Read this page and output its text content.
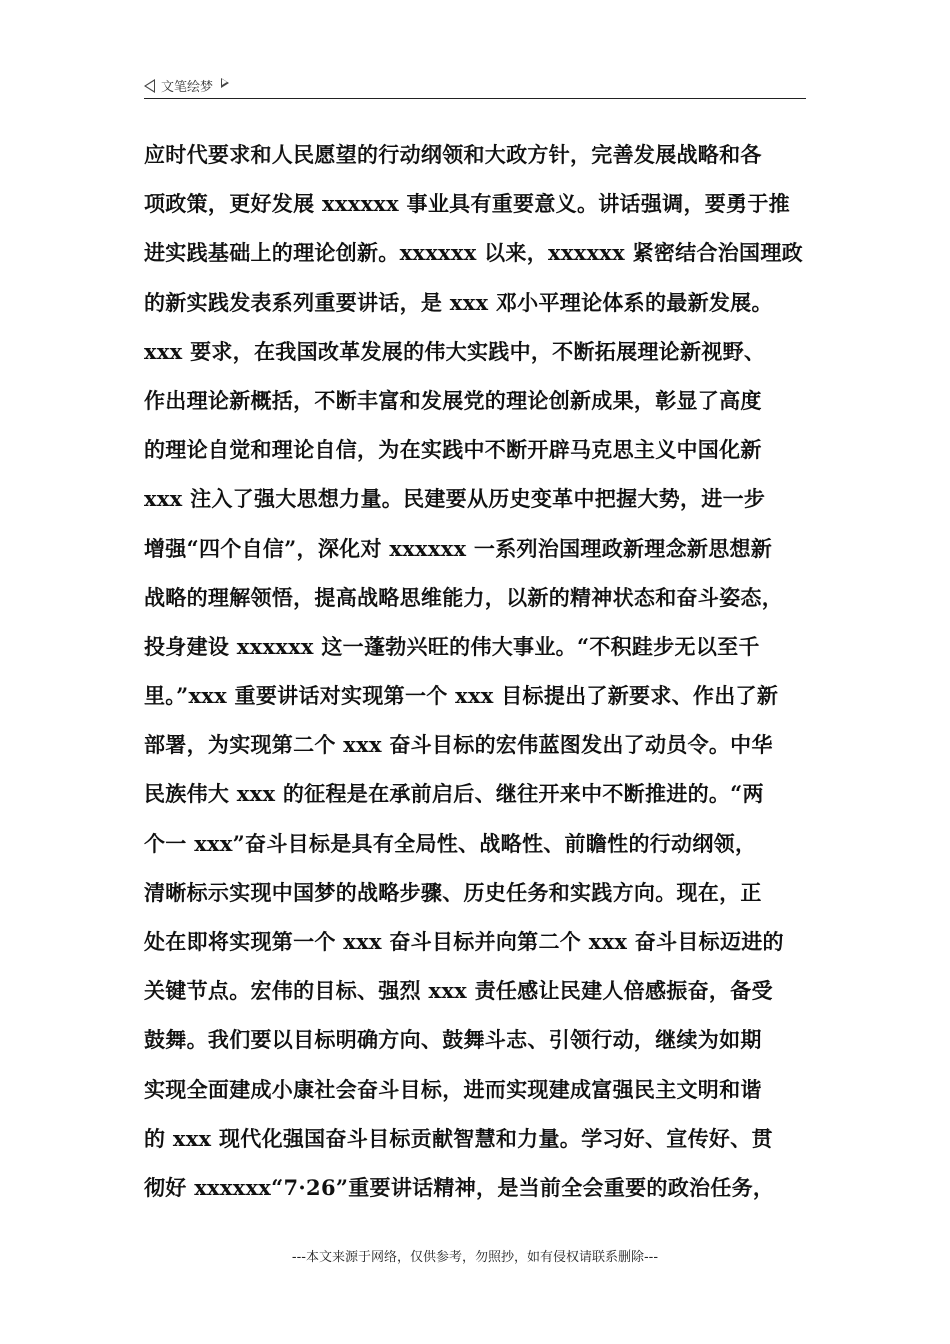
文笔绘梦
应时代要求和人民愿望的行动纲领和大政方针，完善发展战略和各
项政策，更好发展 xxxxxx 事业具有重要意义。讲话强调，要勇于推
进实践基础上的理论创新。xxxxxx 以来，xxxxxx 紧密结合治国理政
的新实践发表系列重要讲话，是 xxx 邓小平理论体系的最新发展。
xxx 要求，在我国改革发展的伟大实践中，不断拓展理论新视野、
作出理论新概括，不断丰富和发展党的理论创新成果，彰显了高度
的理论自觉和理论自信，为在实践中不断开辟马克思主义中国化新
xxx 注入了强大思想力量。民建要从历史变革中把握大势，进一步
增强“四个自信”，深化对 xxxxxx 一系列治国理政新理念新思想新
战略的理解领悟，提高战略思维能力，以新的精神状态和奋斗姿态，
投身建设 xxxxxx 这一蓬勃兴旺的伟大事业。“不积跬步无以至千
里。”xxx 重要讲话对实现第一个 xxx 目标提出了新要求、作出了新
部署，为实现第二个 xxx 奋斗目标的宏伟蓝图发出了动员令。中华
民族伟大 xxx 的征程是在承前启后、继往开来中不断推进的。“两
个一 xxx”奋斗目标是具有全局性、战略性、前瞻性的行动纲领，
清晰标示实现中国梦的战略步骤、历史任务和实践方向。现在，正
处在即将实现第一个 xxx 奋斗目标并向第二个 xxx 奋斗目标迈进的
关键节点。宏伟的目标、强烈 xxx 责任感让民建人倍感振奋，备受
鼓舞。我们要以目标明确方向、鼓舞斗志、引领行动，继续为如期
实现全面建成小康社会奋斗目标，进而实现建成富强民主文明和谐
的 xxx 现代化强国奋斗目标贡献智慧和力量。学习好、宣传好、贯
彻好 xxxxxx“7·26”重要讲话精神，是当前全会重要的政治任务，
---本文来源于网络，仅供参考，勿照抄，如有侵权请联系删除---
